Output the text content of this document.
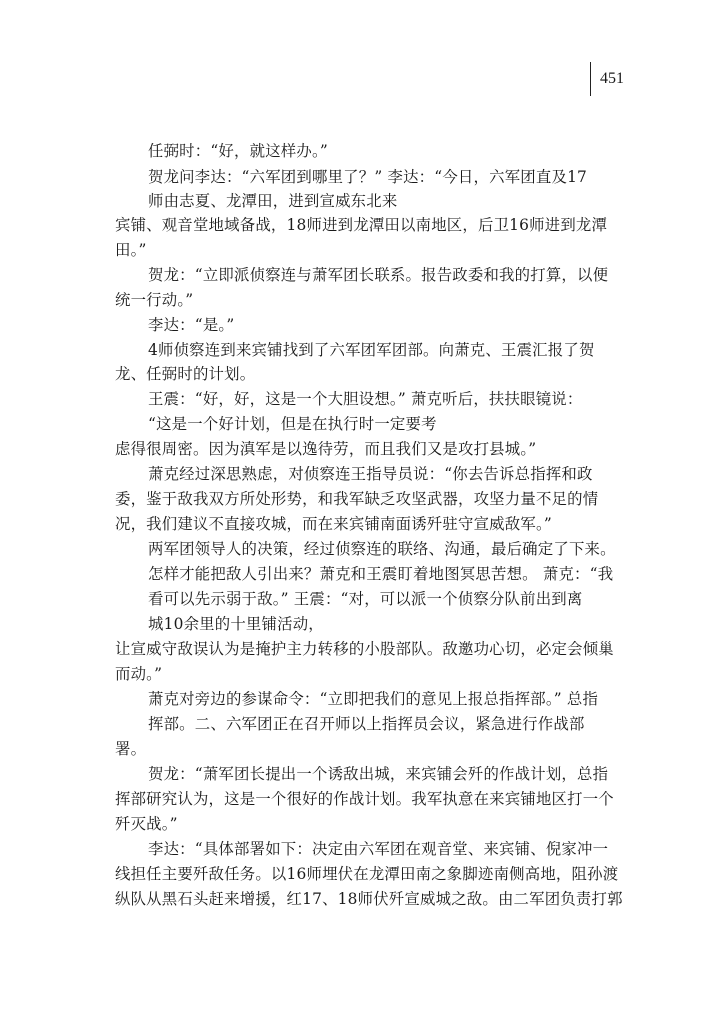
451
任弼时：“好，就这样办。”
贺龙问李达：“六军团到哪里了？” 李达：“今日，六军团直及17
师由志夏、龙潭田，进到宣威东北来
宾铺、观音堂地域备战，18师进到龙潭田以南地区，后卫16师进到龙潭
田。”
贺龙：“立即派侦察连与萧军团长联系。报告政委和我的打算，以便
统一行动。”
李达：“是。”
4师侦察连到来宾铺找到了六军团军团部。向萧克、王震汇报了贺
龙、任弼时的计划。
王震：“好，好，这是一个大胆设想。” 萧克听后，扶扶眼镜说：
“这是一个好计划，但是在执行时一定要考
虑得很周密。因为滇军是以逸待劳，而且我们又是攻打县城。”
萧克经过深思熟虑，对侦察连王指导员说：“你去告诉总指挥和政
委，鉴于敌我双方所处形势，和我军缺乏攻坚武器，攻坚力量不足的情
况，我们建议不直接攻城，而在来宾铺南面诱歼驻守宣威敌军。”
两军团领导人的决策，经过侦察连的联络、沟通，最后确定了下来。
怎样才能把敌人引出来？萧克和王震盯着地图冥思苦想。 萧克：“我
看可以先示弱于敌。” 王震：“对，可以派一个侦察分队前出到离
城10余里的十里铺活动，
让宣威守敌误认为是掩护主力转移的小股部队。敌邀功心切，必定会倾巢
而动。”
萧克对旁边的参谋命令：“立即把我们的意见上报总指挥部。” 总指
挥部。二、六军团正在召开师以上指挥员会议，紧急进行作战部
署。
贺龙：“萧军团长提出一个诱敌出城，来宾铺会歼的作战计划，总指
挥部研究认为，这是一个很好的作战计划。我军执意在来宾铺地区打一个
歼灭战。”
李达：“具体部署如下：决定由六军团在观音堂、来宾铺、倪家冲一
线担任主要歼敌任务。以16师埋伏在龙潭田南之象脚迹南侧高地，阻孙渡
纵队从黑石头赶来增援，红17、18师伏歼宣威城之敌。由二军团负责打郭
